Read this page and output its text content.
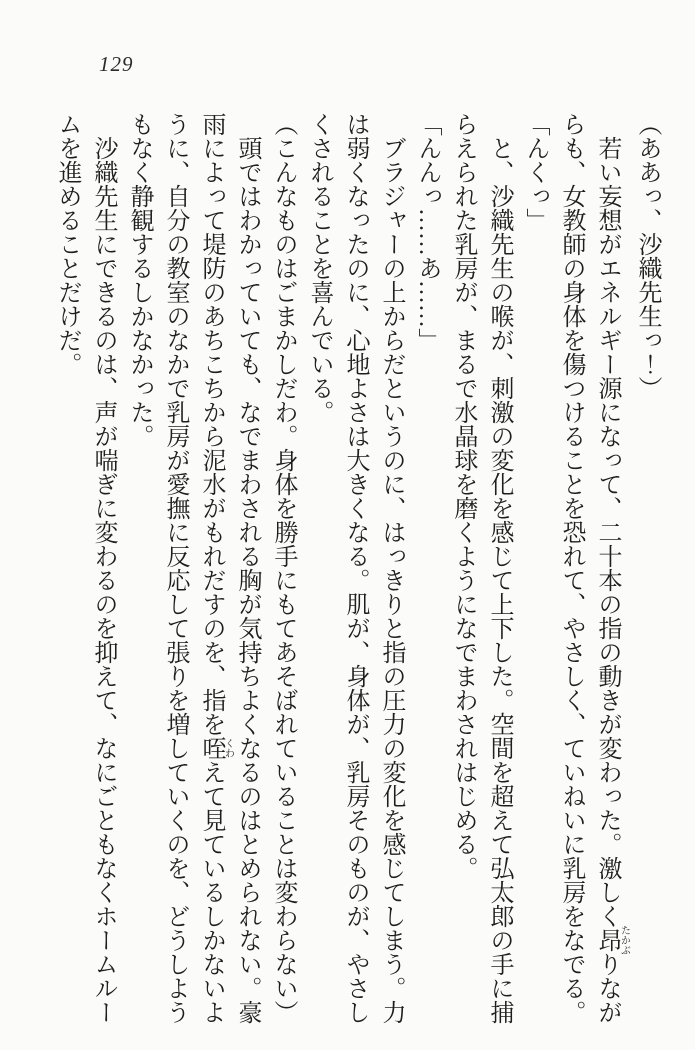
129

（ああっ、沙織先生っ！）

若い妄想がエネルギー源になって、二十本の指の動きが変わった。激しく昂たかぶりながらも、女教師の身体を傷つけることを恐れて、やさしく、ていねいに乳房をなでる。

「んくっ」

と、沙織先生の喉が、刺激の変化を感じて上下した。空間を超えて弘太郎の手に捕らえられた乳房が、まるで水晶球を磨くようになでまわされはじめる。

「んんっ……あ……」

ブラジャーの上からだというのに、はっきりと指の圧力の変化を感じてしまう。力は弱くなったのに、心地よさは大きくなる。肌が、身体が、乳房そのものが、やさしくされることを喜んでいる。

（こんなものはごまかしだわ。身体を勝手にもてあそばれていることは変わらない）

頭ではわかっていても、なでまわされる胸が気持ちよくなるのはとめられない。豪雨によって堤防のあちこちから泥水がもれだすのを、指を咥くわえて見ているしかないように、自分の教室のなかで乳房が愛撫に反応して張りを増していくのを、どうしようもなく静観するしかなかった。

沙織先生にできるのは、声が喘ぎに変わるのを抑えて、なにごともなくホームルームを進めることだけだ。
